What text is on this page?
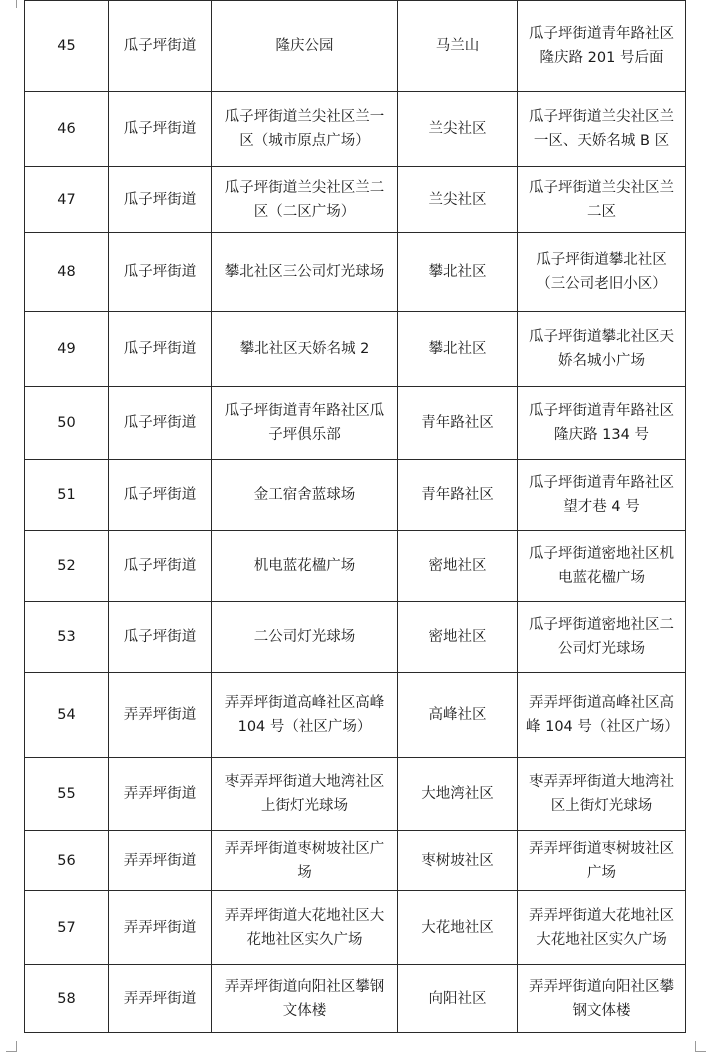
45	瓜子坪街道	隆庆公园	马兰山	瓜子坪街道青年路社区隆庆路 201 号后面
46	瓜子坪街道	瓜子坪街道兰尖社区兰一区（城市原点广场）	兰尖社区	瓜子坪街道兰尖社区兰一区、天娇名城 B 区
47	瓜子坪街道	瓜子坪街道兰尖社区兰二区（二区广场）	兰尖社区	瓜子坪街道兰尖社区兰二区
48	瓜子坪街道	攀北社区三公司灯光球场	攀北社区	瓜子坪街道攀北社区（三公司老旧小区）
49	瓜子坪街道	攀北社区天娇名城 2	攀北社区	瓜子坪街道攀北社区天娇名城小广场
50	瓜子坪街道	瓜子坪街道青年路社区瓜子坪俱乐部	青年路社区	瓜子坪街道青年路社区隆庆路 134 号
51	瓜子坪街道	金工宿舍蓝球场	青年路社区	瓜子坪街道青年路社区望才巷 4 号
52	瓜子坪街道	机电蓝花楹广场	密地社区	瓜子坪街道密地社区机电蓝花楹广场
53	瓜子坪街道	二公司灯光球场	密地社区	瓜子坪街道密地社区二公司灯光球场
54	弄弄坪街道	弄弄坪街道高峰社区高峰 104 号（社区广场）	高峰社区	弄弄坪街道高峰社区高峰 104 号（社区广场）
55	弄弄坪街道	枣弄弄坪街道大地湾社区上街灯光球场	大地湾社区	枣弄弄坪街道大地湾社区上街灯光球场
56	弄弄坪街道	弄弄坪街道枣树坡社区广场	枣树坡社区	弄弄坪街道枣树坡社区广场
57	弄弄坪街道	弄弄坪街道大花地社区大花地社区实久广场	大花地社区	弄弄坪街道大花地社区大花地社区实久广场
58	弄弄坪街道	弄弄坪街道向阳社区攀钢文体楼	向阳社区	弄弄坪街道向阳社区攀钢文体楼
